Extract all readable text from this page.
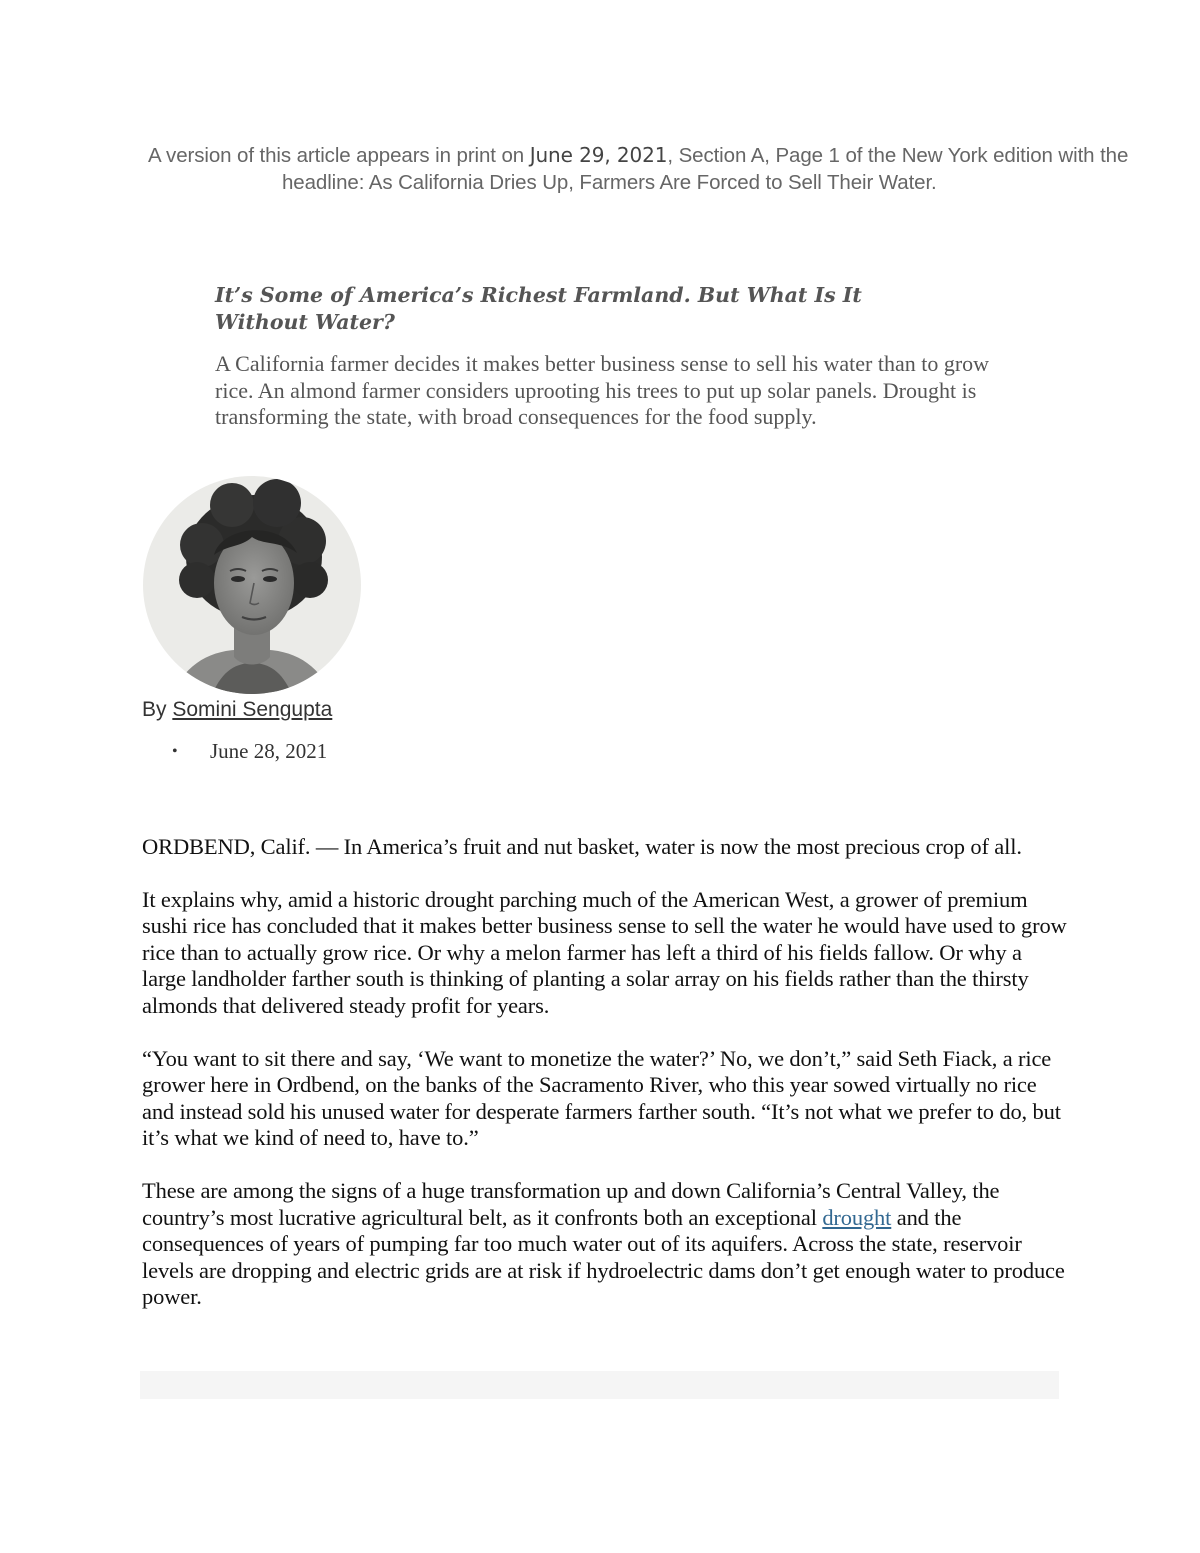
A version of this article appears in print on June 29, 2021, Section A, Page 1 of the New York edition with the headline: As California Dries Up, Farmers Are Forced to Sell Their Water.
It’s Some of America’s Richest Farmland. But What Is It Without Water?

A California farmer decides it makes better business sense to sell his water than to grow rice. An almond farmer considers uprooting his trees to put up solar panels. Drought is transforming the state, with broad consequences for the food supply.

By Somini Sengupta
•	June 28, 2021

ORDBEND, Calif. — In America’s fruit and nut basket, water is now the most precious crop of all.

It explains why, amid a historic drought parching much of the American West, a grower of premium sushi rice has concluded that it makes better business sense to sell the water he would have used to grow rice than to actually grow rice. Or why a melon farmer has left a third of his fields fallow. Or why a large landholder farther south is thinking of planting a solar array on his fields rather than the thirsty almonds that delivered steady profit for years.

“You want to sit there and say, ‘We want to monetize the water?’ No, we don’t,” said Seth Fiack, a rice grower here in Ordbend, on the banks of the Sacramento River, who this year sowed virtually no rice and instead sold his unused water for desperate farmers farther south. “It’s not what we prefer to do, but it’s what we kind of need to, have to.”

These are among the signs of a huge transformation up and down California’s Central Valley, the country’s most lucrative agricultural belt, as it confronts both an exceptional drought and the consequences of years of pumping far too much water out of its aquifers. Across the state, reservoir levels are dropping and electric grids are at risk if hydroelectric dams don’t get enough water to produce power.
